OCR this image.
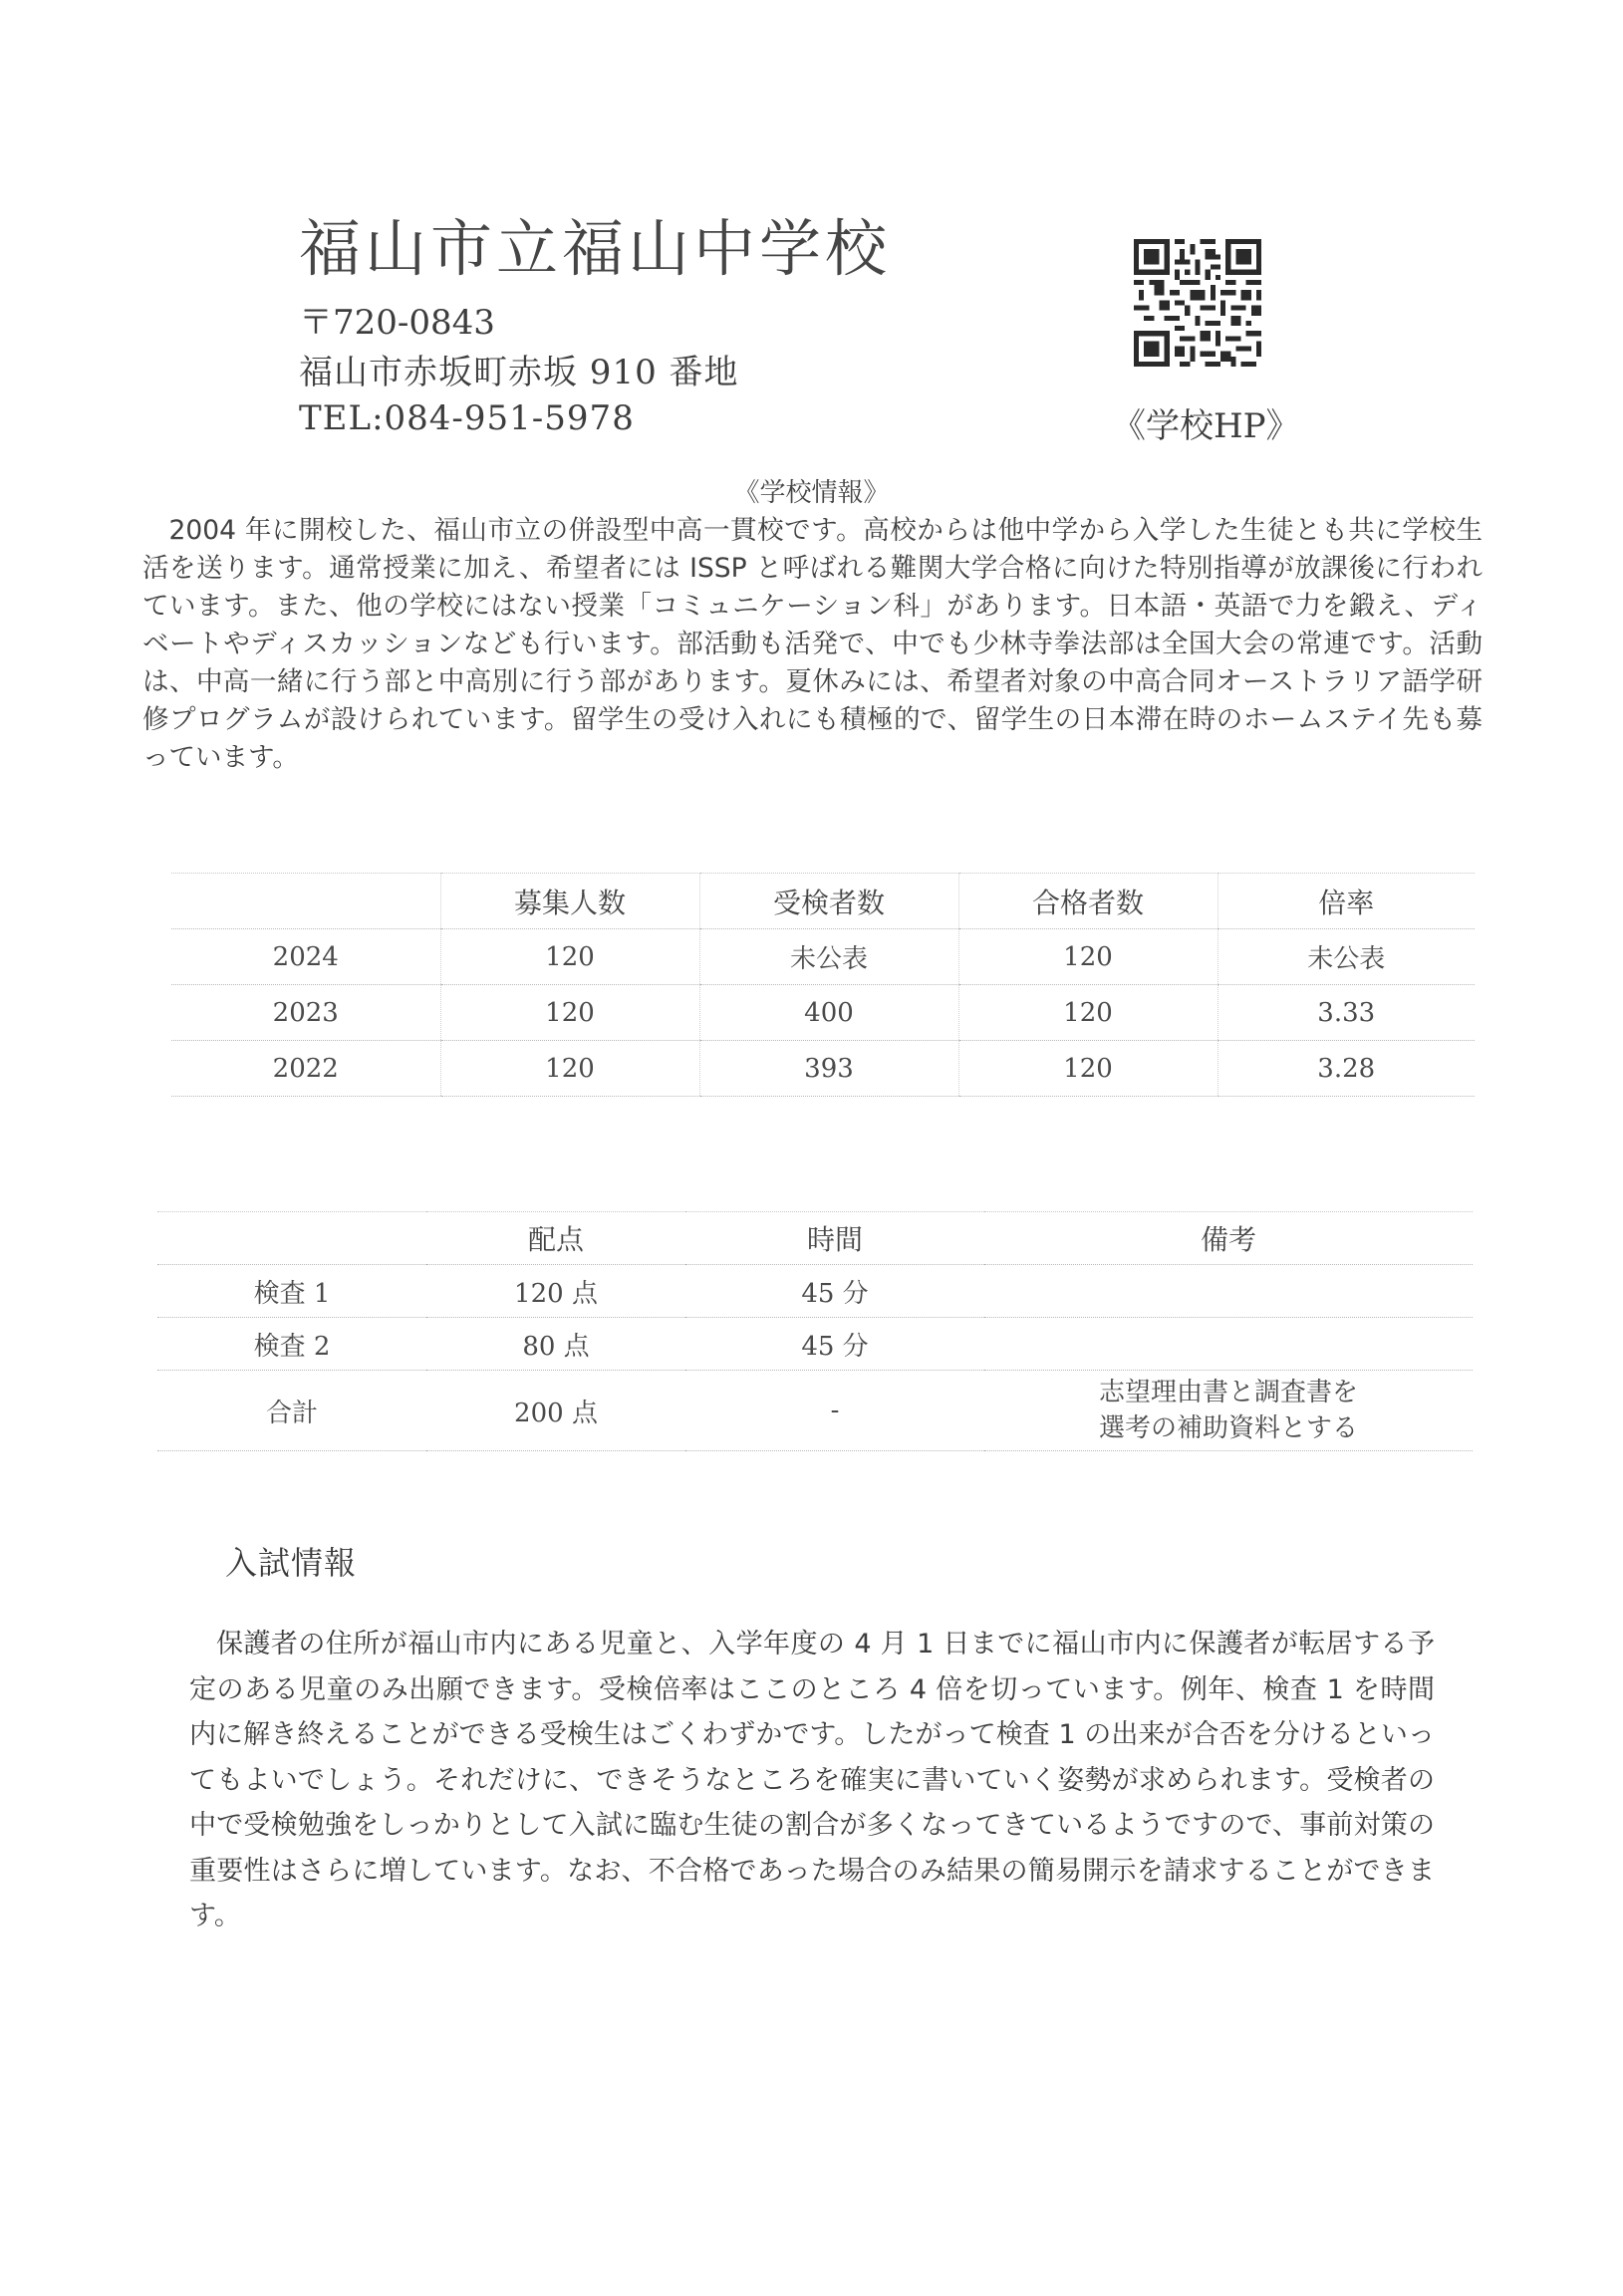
福山市立福山中学校
〒720-0843
福山市赤坂町赤坂 910 番地
TEL:084-951-5978	《学校HP》
《学校情報》
2004 年に開校した、福山市立の併設型中高一貫校です。高校からは他中学から入学した生徒とも共に学校生活を送ります。通常授業に加え、希望者には ISSP と呼ばれる難関大学合格に向けた特別指導が放課後に行われています。また、他の学校にはない授業「コミュニケーション科」があります。日本語・英語で力を鍛え、ディベートやディスカッションなども行います。部活動も活発で、中でも少林寺拳法部は全国大会の常連です。活動は、中高一緒に行う部と中高別に行う部があります。夏休みには、希望者対象の中高合同オーストラリア語学研修プログラムが設けられています。留学生の受け入れにも積極的で、留学生の日本滞在時のホームステイ先も募っています。
	募集人数	受検者数	合格者数	倍率
2024	120	未公表	120	未公表
2023	120	400	120	3.33
2022	120	393	120	3.28
	配点	時間	備考
検査 1	120 点	45 分	
検査 2	80 点	45 分	
合計	200 点	-	志望理由書と調査書を
選考の補助資料とする
入試情報
保護者の住所が福山市内にある児童と、入学年度の 4 月 1 日までに福山市内に保護者が転居する予定のある児童のみ出願できます。受検倍率はここのところ 4 倍を切っています。例年、検査 1 を時間内に解き終えることができる受検生はごくわずかです。したがって検査 1 の出来が合否を分けるといってもよいでしょう。それだけに、できそうなところを確実に書いていく姿勢が求められます。受検者の中で受検勉強をしっかりとして入試に臨む生徒の割合が多くなってきているようですので、事前対策の重要性はさらに増しています。なお、不合格であった場合のみ結果の簡易開示を請求することができます。
